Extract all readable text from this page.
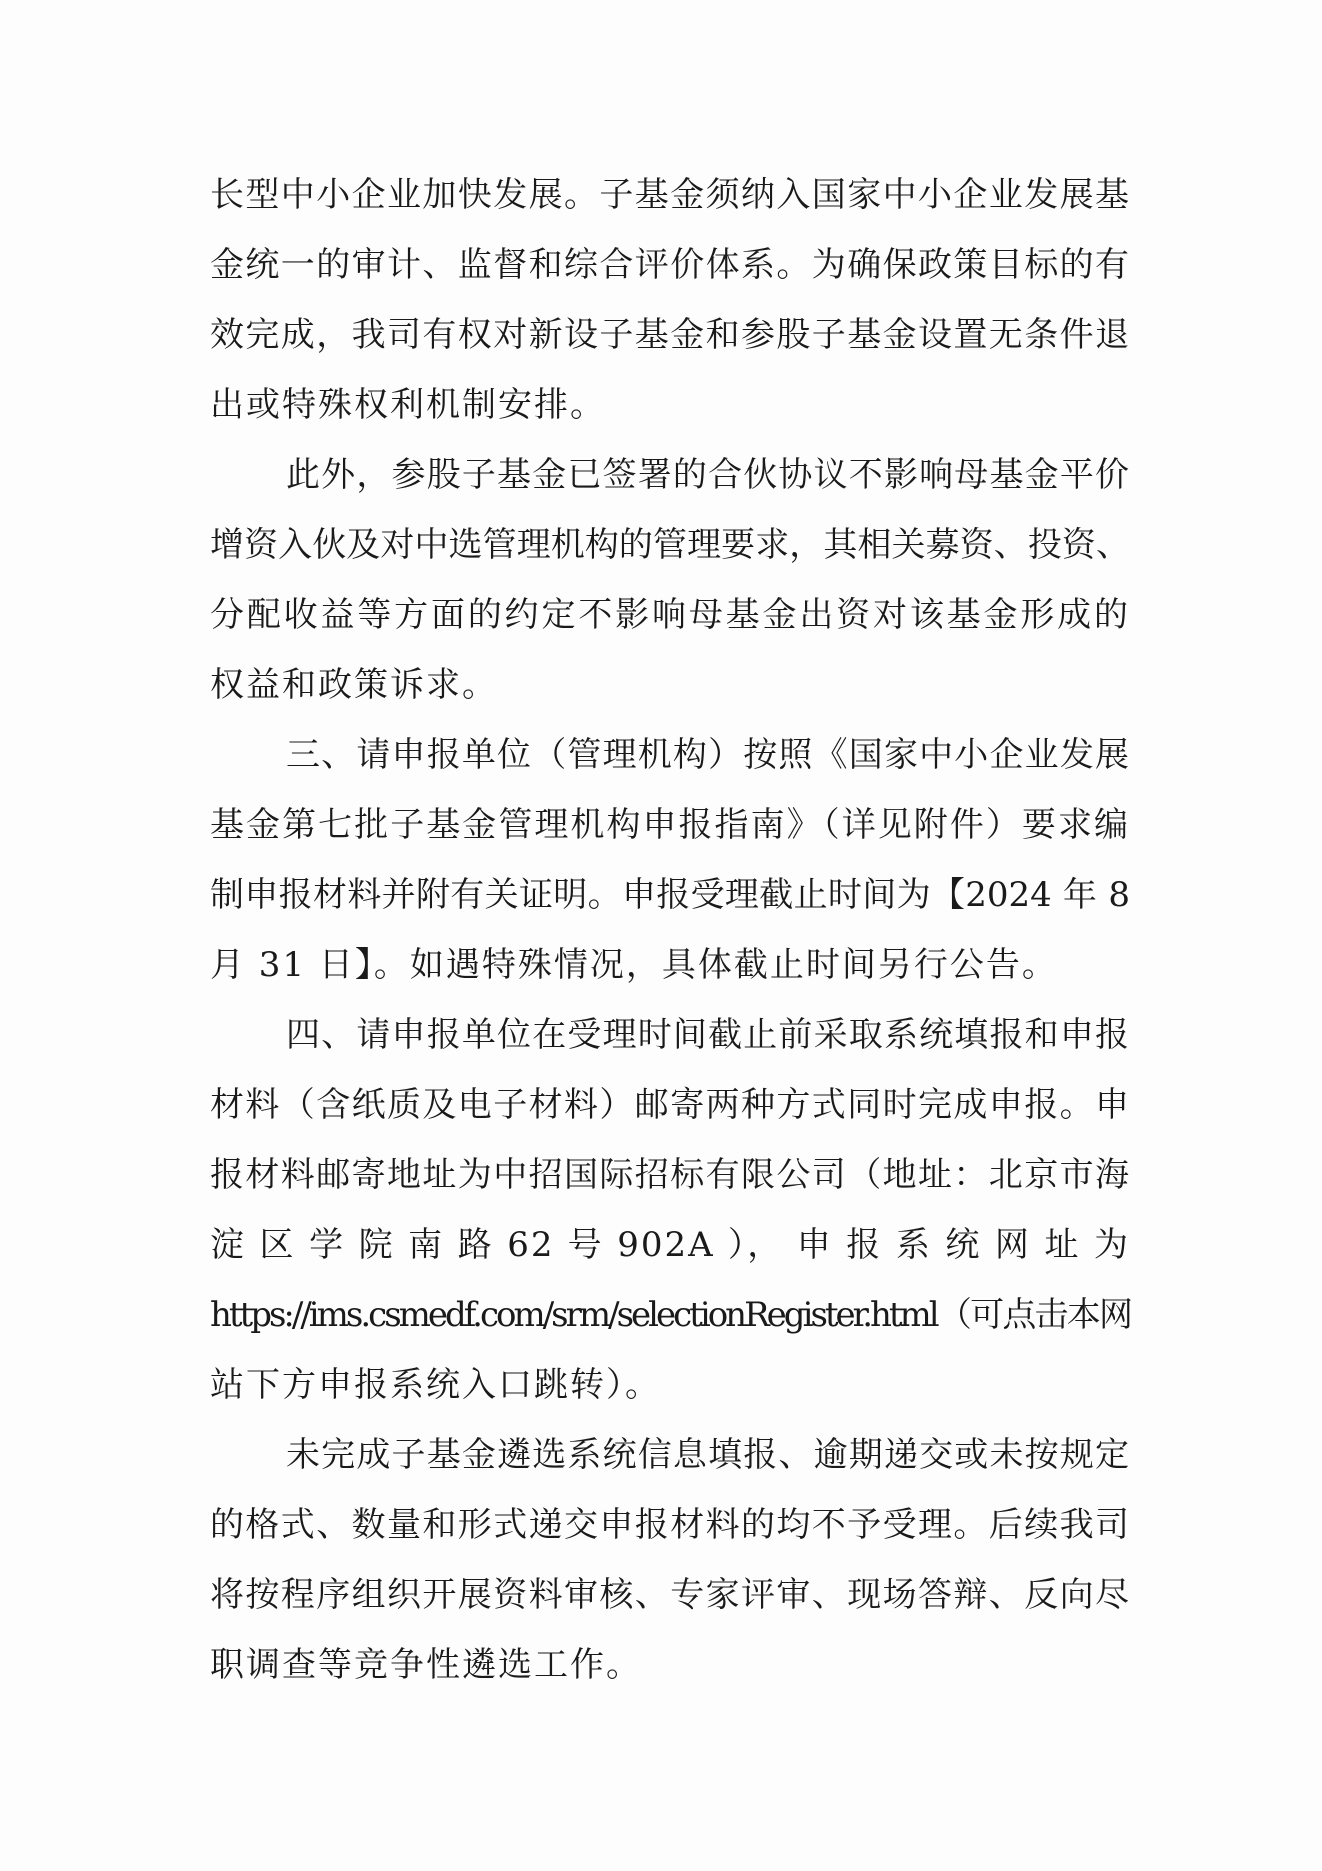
长型中小企业加快发展。子基金须纳入国家中小企业发展基
金统一的审计、监督和综合评价体系。为确保政策目标的有
效完成，我司有权对新设子基金和参股子基金设置无条件退
出或特殊权利机制安排。
此外，参股子基金已签署的合伙协议不影响母基金平价
增资入伙及对中选管理机构的管理要求，其相关募资、投资、
分配收益等方面的约定不影响母基金出资对该基金形成的
权益和政策诉求。
三、请申报单位（管理机构）按照《国家中小企业发展
基金第七批子基金管理机构申报指南》（详见附件）要求编
制申报材料并附有关证明。申报受理截止时间为【2024 年 8
月 31 日】。如遇特殊情况，具体截止时间另行公告。
四、请申报单位在受理时间截止前采取系统填报和申报
材料（含纸质及电子材料）邮寄两种方式同时完成申报。申
报材料邮寄地址为中招国际招标有限公司（地址：北京市海
淀 区 学 院 南 路 62 号 902A ）， 申 报 系 统 网 址 为
https://ims.csmedf.com/srm/selectionRegister.html（可点击本网
站下方申报系统入口跳转）。
未完成子基金遴选系统信息填报、逾期递交或未按规定
的格式、数量和形式递交申报材料的均不予受理。后续我司
将按程序组织开展资料审核、专家评审、现场答辩、反向尽
职调查等竞争性遴选工作。
